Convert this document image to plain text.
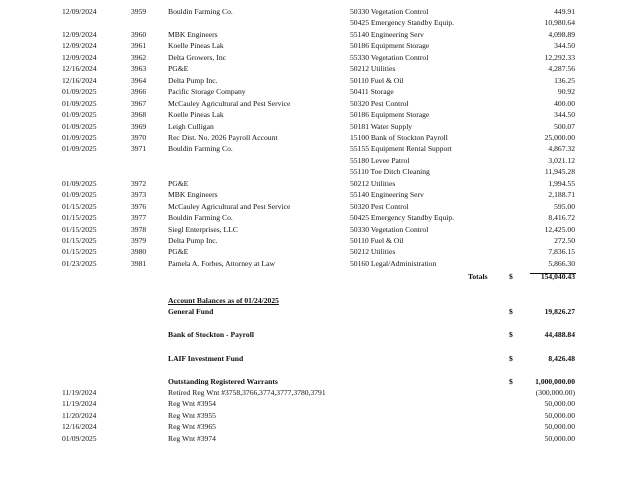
12/09/2024	3959	Bouldin Farming Co.	50330 Vegetation Control	449.91
50425 Emergency Standby Equip.	10,980.64
12/09/2024	3960	MBK Engineers	55140 Engineering Serv	4,098.89
12/09/2024	3961	Koelle Pineas Lak	50186 Equipment Storage	344.50
12/09/2024	3962	Delta Growers, Inc	55330 Vegetation Control	12,292.33
12/16/2024	3963	PG&E	50212 Utilities	4,287.56
12/16/2024	3964	Delta Pump Inc.	50110 Fuel & Oil	136.25
01/09/2025	3966	Pacific Storage Company	50411 Storage	90.92
01/09/2025	3967	McCauley Agricultural and Pest Service	50320 Pest Control	400.00
01/09/2025	3968	Koelle Pineas Lak	50186 Equipment Storage	344.50
01/09/2025	3969	Leigh Culligan	50181 Water Supply	500.07
01/09/2025	3970	Rec Dist. No. 2026 Payroll Account	15100 Bank of Stockton Payroll	25,000.00
01/09/2025	3971	Bouldin Farming Co.	55155 Equipment Rental Support	4,867.32
55180 Levee Patrol	3,021.12
55110 Toe Ditch Cleaning	11,945.28
01/09/2025	3972	PG&E	50212 Utilities	1,994.55
01/09/2025	3973	MBK Engineers	55140 Engineering Serv	2,188.71
01/15/2025	3976	McCauley Agricultural and Pest Service	50320 Pest Control	595.00
01/15/2025	3977	Bouldin Farming Co.	50425 Emergency Standby Equip.	8,416.72
01/15/2025	3978	Siegl Enterprises, LLC	50330 Vegetation Control	12,425.00
01/15/2025	3979	Delta Pump Inc.	50110 Fuel & Oil	272.50
01/15/2025	3980	PG&E	50212 Utilities	7,836.15
01/23/2025	3981	Pamela A. Forbes, Attorney at Law	50160 Legal/Administration	5,866.30
Totals	$	154,040.43
Account Balances as of 01/24/2025
General Fund	$	19,826.27
Bank of Stockton - Payroll	$	44,488.84
LAIF Investment Fund	$	8,426.48
Outstanding Registered Warrants	$	1,000,000.00
11/19/2024	Retired Reg Wnt #3758,3766,3774,3777,3780,3791	(300,000.00)
11/19/2024	Reg Wnt #3954	50,000.00
11/20/2024	Reg Wnt #3955	50,000.00
12/16/2024	Reg Wnt #3965	50,000.00
01/09/2025	Reg Wnt #3974	50,000.00
